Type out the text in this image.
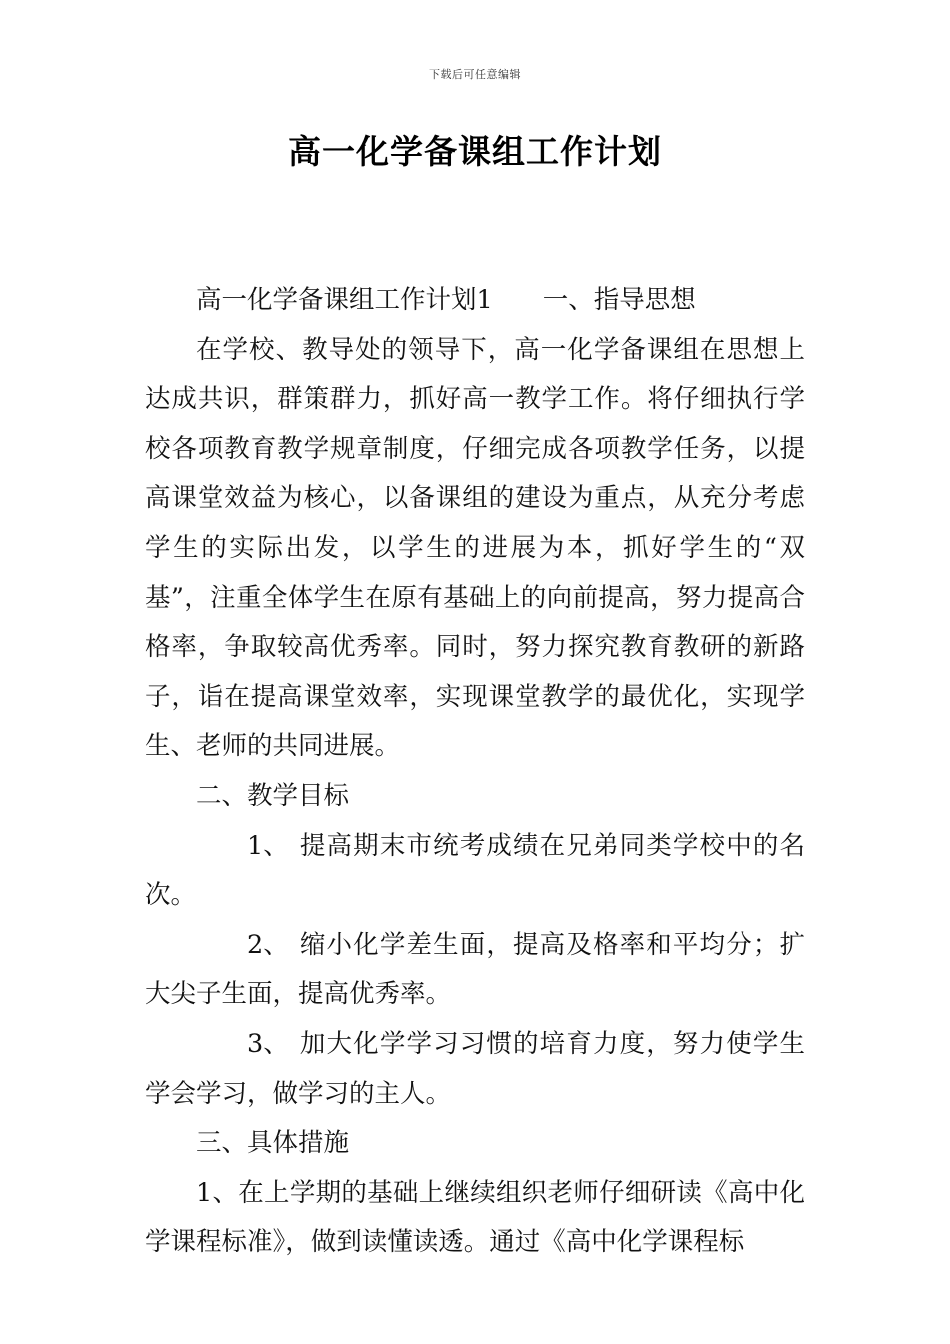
下载后可任意编辑
高一化学备课组工作计划

高一化学备课组工作计划1 一、指导思想

在学校、教导处的领导下，高一化学备课组在思想上达成共识，群策群力，抓好高一教学工作。将仔细执行学校各项教育教学规章制度，仔细完成各项教学任务，以提高课堂效益为核心，以备课组的建设为重点，从充分考虑学生的实际出发，以学生的进展为本，抓好学生的“双基”，注重全体学生在原有基础上的向前提高，努力提高合格率，争取较高优秀率。同时，努力探究教育教研的新路子，诣在提高课堂效率，实现课堂教学的最优化，实现学生、老师的共同进展。

二、教学目标

1、 提高期末市统考成绩在兄弟同类学校中的名次。

2、 缩小化学差生面，提高及格率和平均分；扩大尖子生面，提高优秀率。

3、 加大化学学习习惯的培育力度，努力使学生学会学习，做学习的主人。

三、具体措施

1、在上学期的基础上继续组织老师仔细研读《高中化学课程标准》，做到读懂读透。通过《高中化学课程标
